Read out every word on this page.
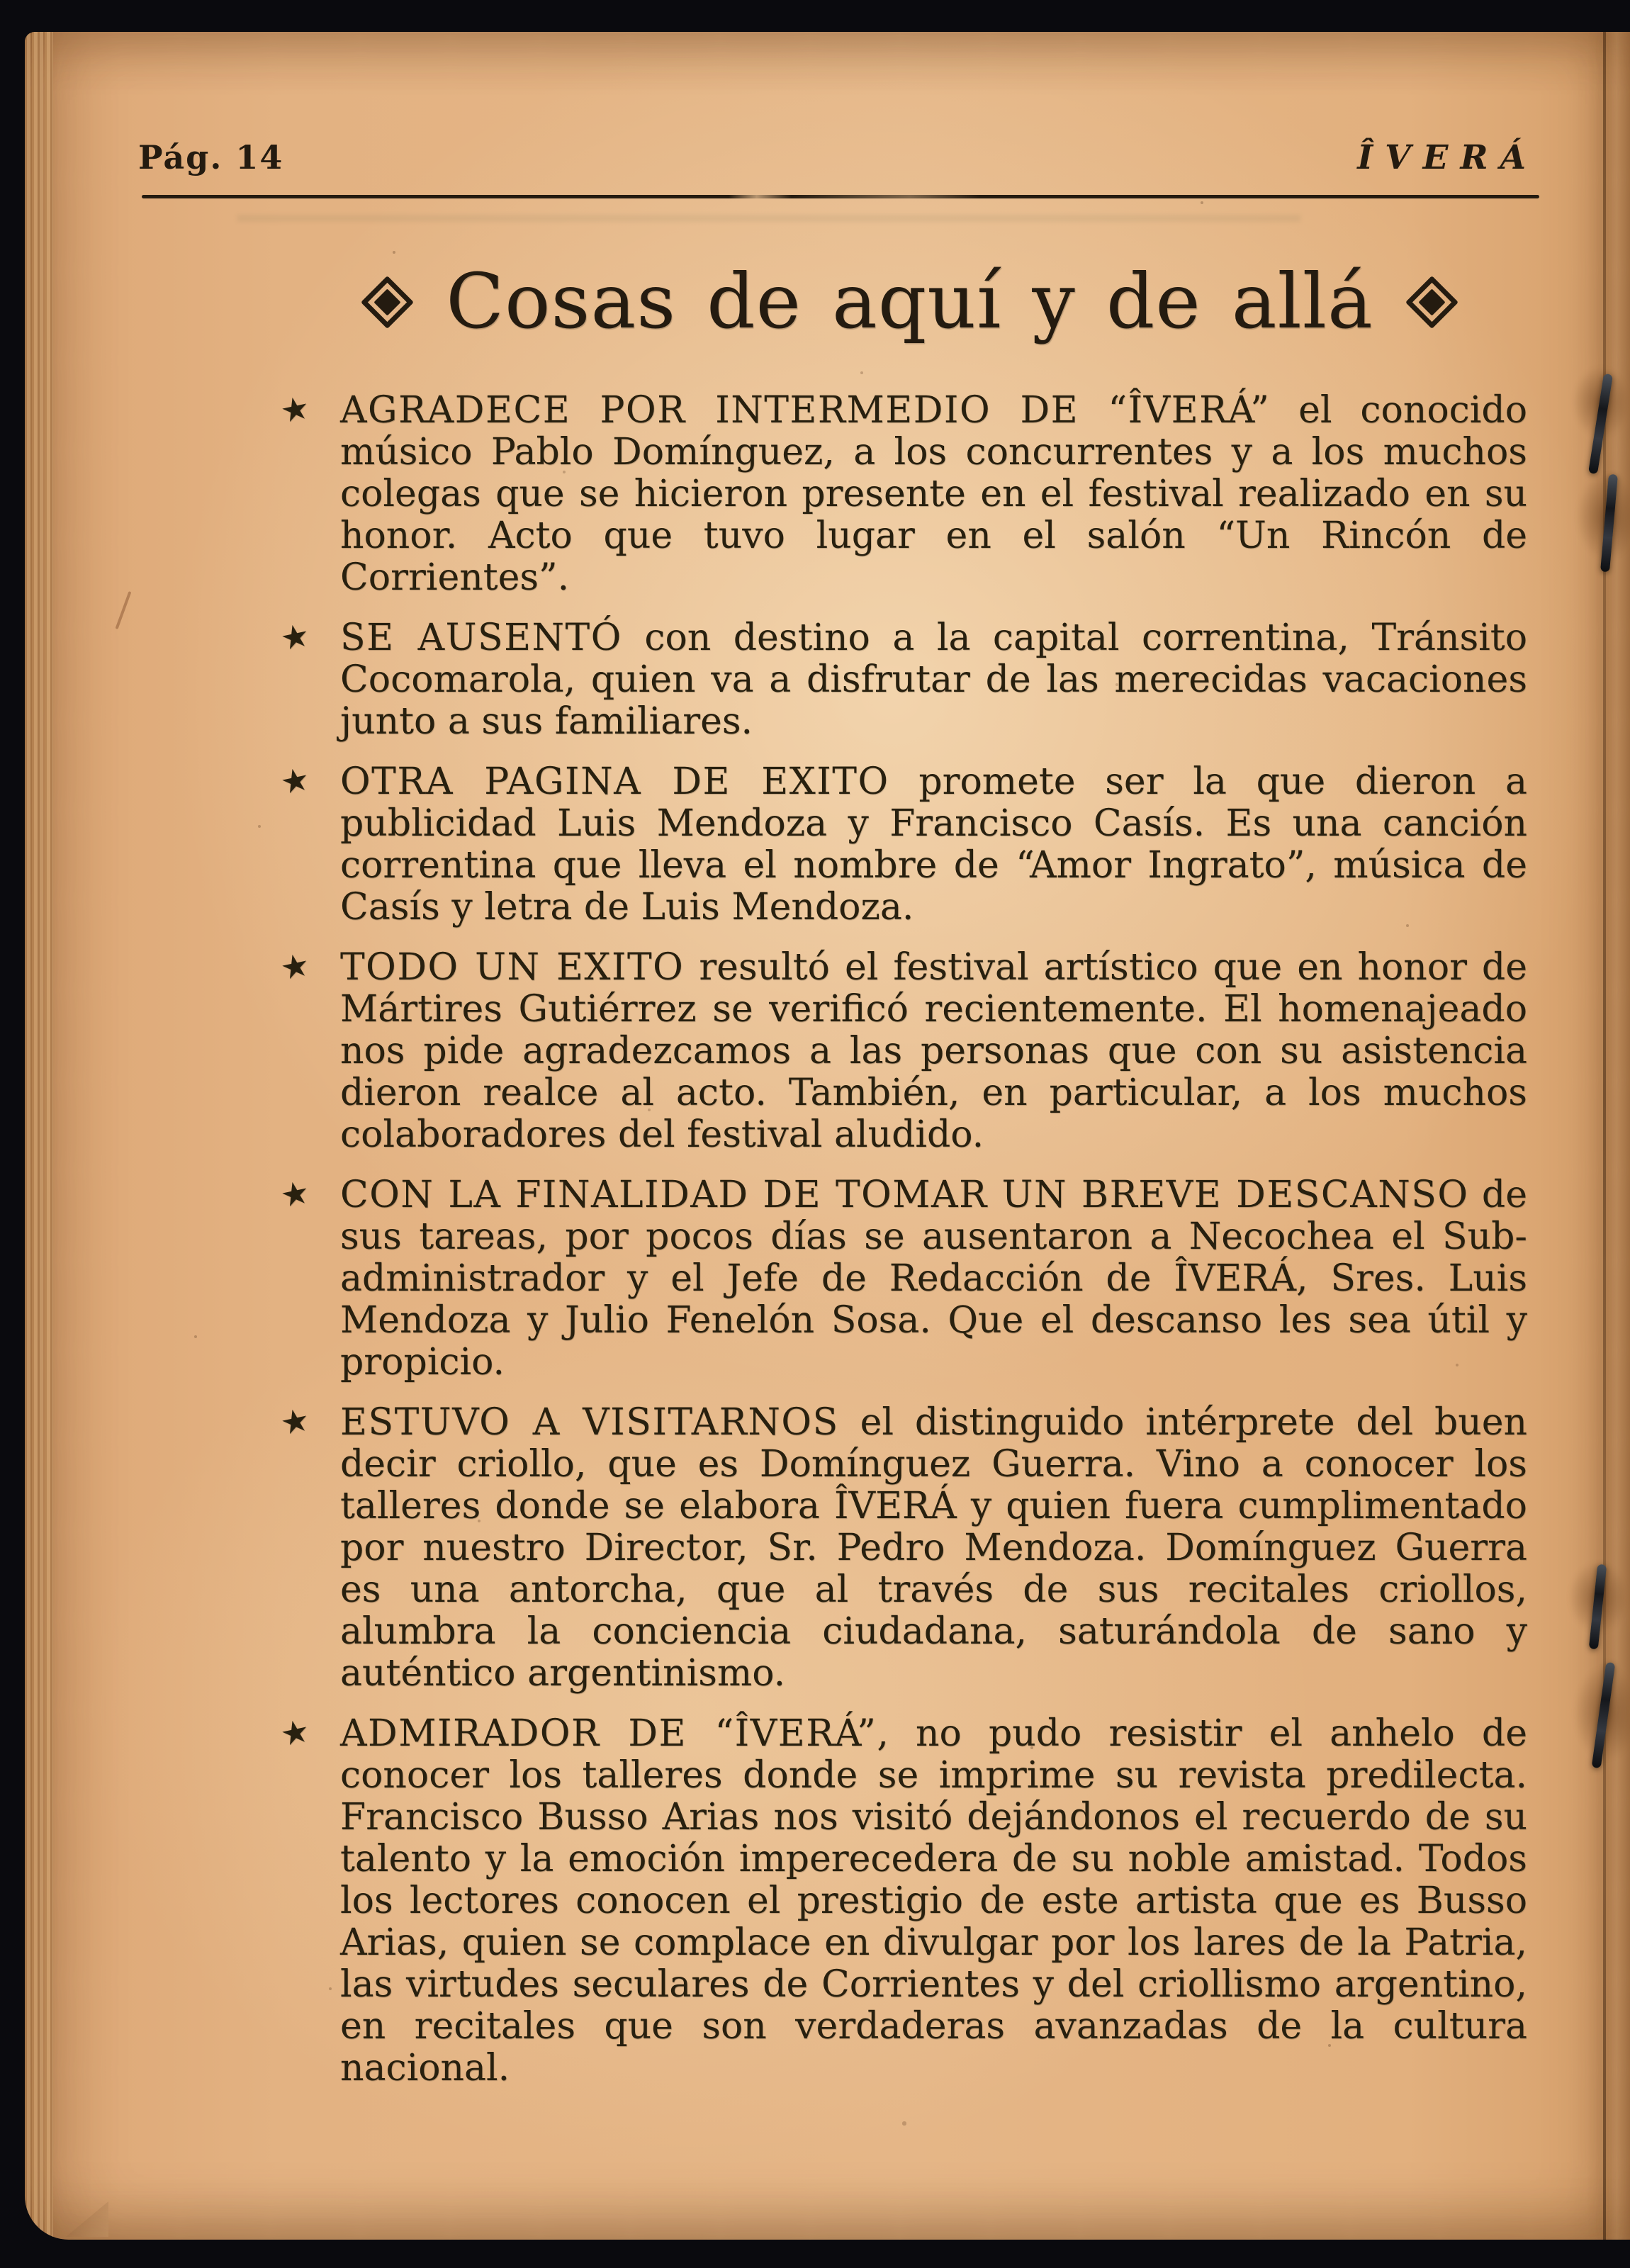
Pág. 14	ÎVERÁ
Cosas de aquí y de allá
★ AGRADECE POR INTERMEDIO DE “ÎVERÁ” el conocido músico Pablo Domínguez, a los concurrentes y a los muchos colegas que se hicieron presente en el festival realizado en su honor. Acto que tuvo lugar en el salón “Un Rincón de Corrientes”.

★ SE AUSENTÓ con destino a la capital correntina, Tránsito Cocomarola, quien va a disfrutar de las merecidas vacaciones junto a sus familiares.

★ OTRA PAGINA DE EXITO promete ser la que dieron a publicidad Luis Mendoza y Francisco Casís. Es una canción correntina que lleva el nombre de “Amor Ingrato”, música de Casís y letra de Luis Mendoza.

★ TODO UN EXITO resultó el festival artístico que en honor de Mártires Gutiérrez se verificó recientemente. El homenajeado nos pide agradezcamos a las personas que con su asistencia dieron realce al acto. También, en particular, a los muchos colaboradores del festival aludido.

★ CON LA FINALIDAD DE TOMAR UN BREVE DESCANSO de sus tareas, por pocos días se ausentaron a Necochea el Sub-administrador y el Jefe de Redacción de ÎVERÁ, Sres. Luis Mendoza y Julio Fenelón Sosa. Que el descanso les sea útil y propicio.

★ ESTUVO A VISITARNOS el distinguido intérprete del buen decir criollo, que es Domínguez Guerra. Vino a conocer los talleres donde se elabora ÎVERÁ y quien fuera cumplimentado por nuestro Director, Sr. Pedro Mendoza. Domínguez Guerra es una antorcha, que al través de sus recitales criollos, alumbra la conciencia ciudadana, saturándola de sano y auténtico argentinismo.

★ ADMIRADOR DE “ÎVERÁ”, no pudo resistir el anhelo de conocer los talleres donde se imprime su revista predilecta. Francisco Busso Arias nos visitó dejándonos el recuerdo de su talento y la emoción imperecedera de su noble amistad. Todos los lectores conocen el prestigio de este artista que es Busso Arias, quien se complace en divulgar por los lares de la Patria, las virtudes seculares de Corrientes y del criollismo argentino, en recitales que son verdaderas avanzadas de la cultura nacional.
